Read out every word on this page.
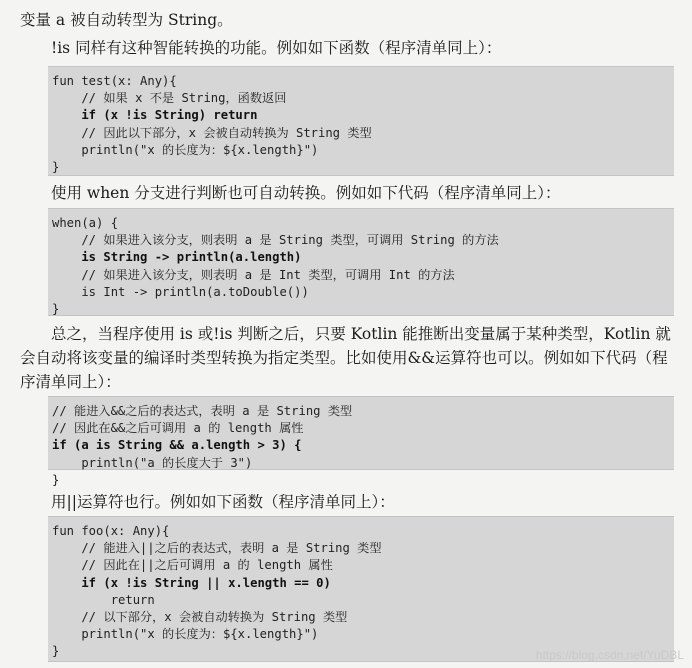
变量 a 被自动转型为 String。

!is 同样有这种智能转换的功能。例如如下函数（程序清单同上）：

fun test(x: Any){
// 如果 x 不是 String，函数返回
if (x !is String) return
// 因此以下部分，x 会被自动转换为 String 类型
println("x 的长度为：${x.length}")
}

使用 when 分支进行判断也可自动转换。例如如下代码（程序清单同上）：

when(a) {
// 如果进入该分支，则表明 a 是 String 类型，可调用 String 的方法
is String -> println(a.length)
// 如果进入该分支，则表明 a 是 Int 类型，可调用 Int 的方法
is Int -> println(a.toDouble())
}

总之，当程序使用 is 或!is 判断之后，只要 Kotlin 能推断出变量属于某种类型，Kotlin 就会自动将该变量的编译时类型转换为指定类型。比如使用&&运算符也可以。例如如下代码（程序清单同上）：

// 能进入&&之后的表达式，表明 a 是 String 类型
// 因此在&&之后可调用 a 的 length 属性
if (a is String && a.length > 3) {
println("a 的长度大于 3")
}

用||运算符也行。例如如下函数（程序清单同上）：

fun foo(x: Any){
// 能进入||之后的表达式，表明 a 是 String 类型
// 因此在||之后可调用 a 的 length 属性
if (x !is String || x.length == 0)
return
// 以下部分，x 会被自动转换为 String 类型
println("x 的长度为：${x.length}")
}	https://blog.csdn.net/YuDBL
